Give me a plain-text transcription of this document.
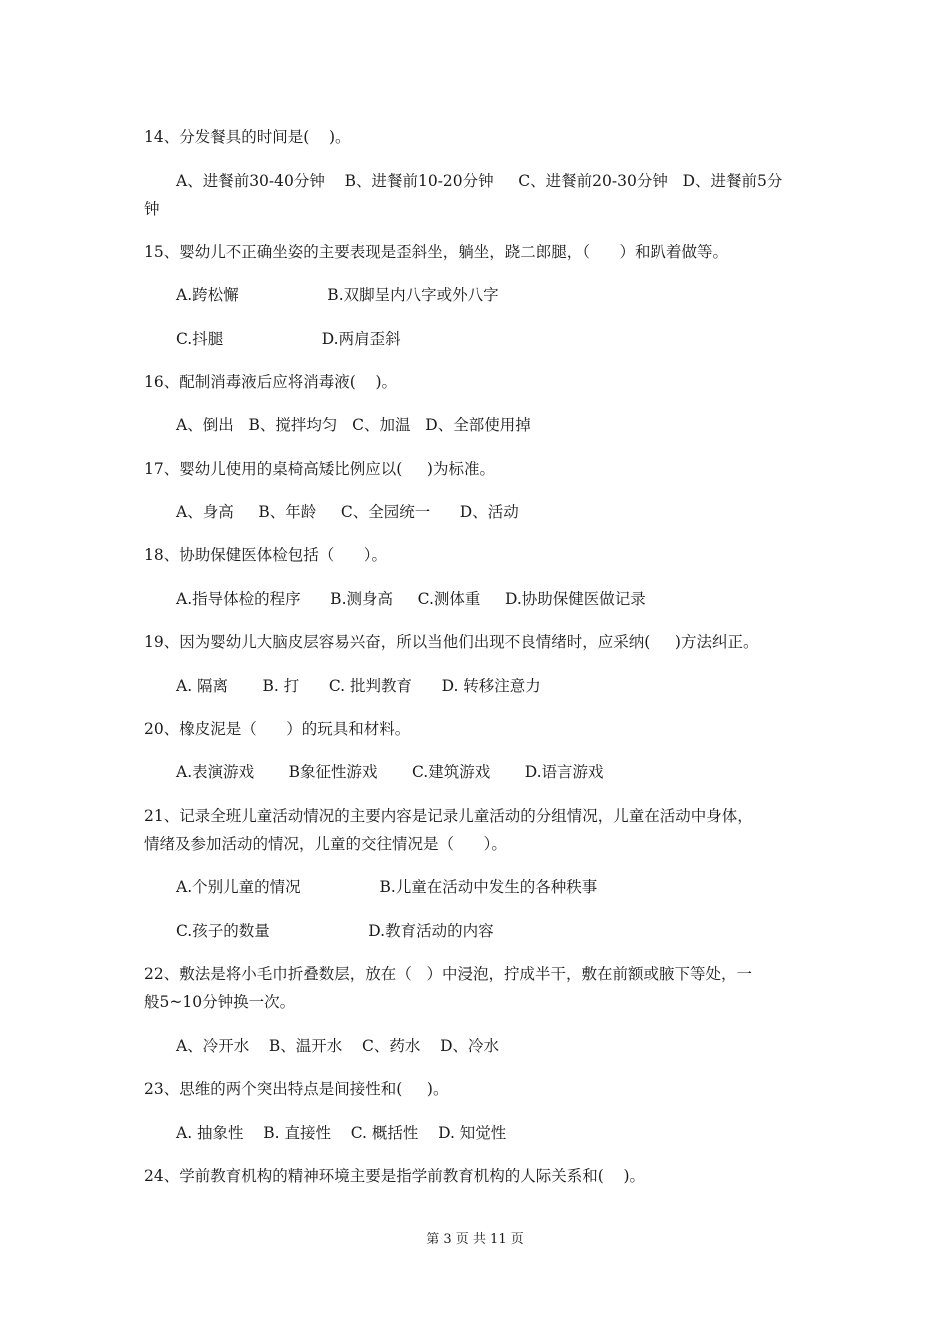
14、分发餐具的时间是(    )。
A、进餐前30-40分钟    B、进餐前10-20分钟     C、进餐前20-30分钟   D、进餐前5分
钟
15、婴幼儿不正确坐姿的主要表现是歪斜坐，躺坐，跷二郎腿，（      ）和趴着做等。
A.跨松懈                  B.双脚呈内八字或外八字
C.抖腿                    D.两肩歪斜
16、配制消毒液后应将消毒液(    )。
A、倒出   B、搅拌均匀   C、加温   D、全部使用掉
17、婴幼儿使用的桌椅高矮比例应以(     )为标准。
A、身高     B、年龄     C、全园统一      D、活动
18、协助保健医体检包括（      ）。
A.指导体检的程序      B.测身高     C.测体重     D.协助保健医做记录
19、因为婴幼儿大脑皮层容易兴奋，所以当他们出现不良情绪时，应采纳(     )方法纠正。
A. 隔离       B. 打      C. 批判教育      D. 转移注意力
20、橡皮泥是（      ）的玩具和材料。
A.表演游戏       B象征性游戏       C.建筑游戏       D.语言游戏
21、记录全班儿童活动情况的主要内容是记录儿童活动的分组情况，儿童在活动中身体，
情绪及参加活动的情况，儿童的交往情况是（      ）。
A.个别儿童的情况                B.儿童在活动中发生的各种秩事
C.孩子的数量                    D.教育活动的内容
22、敷法是将小毛巾折叠数层，放在（   ）中浸泡，拧成半干，敷在前额或腋下等处，一
般5~10分钟换一次。
A、冷开水    B、温开水    C、药水    D、冷水
23、思维的两个突出特点是间接性和(     )。
A. 抽象性    B. 直接性    C. 概括性    D. 知觉性
24、学前教育机构的精神环境主要是指学前教育机构的人际关系和(    )。
第 3 页 共 11 页
